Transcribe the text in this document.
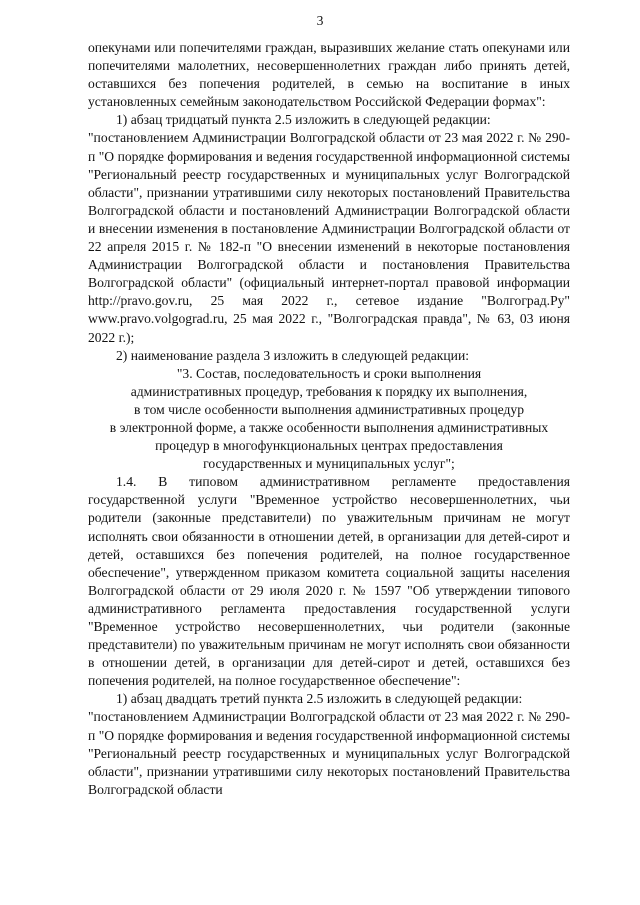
3

опекунами или попечителями граждан, выразивших желание стать опекунами или попечителями малолетних, несовершеннолетних граждан либо принять детей, оставшихся без попечения родителей, в семью на воспитание в иных установленных семейным законодательством Российской Федерации формах":

1) абзац тридцатый пункта 2.5 изложить в следующей редакции:

"постановлением Администрации Волгоградской области от 23 мая 2022 г. № 290-п "О порядке формирования и ведения государственной информационной системы "Региональный реестр государственных и муниципальных услуг Волгоградской области", признании утратившими силу некоторых постановлений Правительства Волгоградской области и постановлений Администрации Волгоградской области и внесении изменения в постановление Администрации Волгоградской области от 22 апреля 2015 г. № 182-п "О внесении изменений в некоторые постановления Администрации Волгоградской области и постановления Правительства Волгоградской области" (официальный интернет-портал правовой информации http://pravo.gov.ru, 25 мая 2022 г., сетевое издание "Волгоград.Ру" www.pravo.volgograd.ru, 25 мая 2022 г., "Волгоградская правда", № 63, 03 июня 2022 г.);

2) наименование раздела 3 изложить в следующей редакции:

"3. Состав, последовательность и сроки выполнения
административных процедур, требования к порядку их выполнения,
в том числе особенности выполнения административных процедур
в электронной форме, а также особенности выполнения административных
процедур в многофункциональных центрах предоставления
государственных и муниципальных услуг";

1.4. В типовом административном регламенте предоставления государственной услуги "Временное устройство несовершеннолетних, чьи родители (законные представители) по уважительным причинам не могут исполнять свои обязанности в отношении детей, в организации для детей-сирот и детей, оставшихся без попечения родителей, на полное государственное обеспечение", утвержденном приказом комитета социальной защиты населения Волгоградской области от 29 июля 2020 г. № 1597 "Об утверждении типового административного регламента предоставления государственной услуги "Временное устройство несовершеннолетних, чьи родители (законные представители) по уважительным причинам не могут исполнять свои обязанности в отношении детей, в организации для детей-сирот и детей, оставшихся без попечения родителей, на полное государственное обеспечение":

1) абзац двадцать третий пункта 2.5 изложить в следующей редакции:

"постановлением Администрации Волгоградской области от 23 мая 2022 г. № 290-п "О порядке формирования и ведения государственной информационной системы "Региональный реестр государственных и муниципальных услуг Волгоградской области", признании утратившими силу некоторых постановлений Правительства Волгоградской области
